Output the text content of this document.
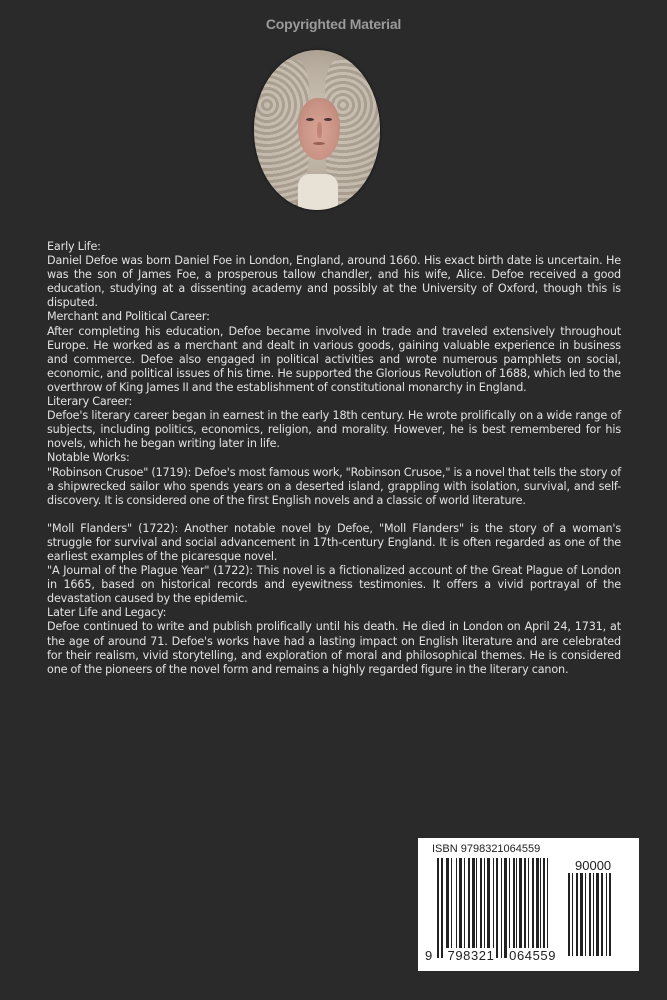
Copyrighted Material

Early Life:

Daniel Defoe was born Daniel Foe in London, England, around 1660. His exact birth date is uncertain. He was the son of James Foe, a prosperous tallow chandler, and his wife, Alice. Defoe received a good education, studying at a dissenting academy and possibly at the University of Oxford, though this is disputed.

Merchant and Political Career:

After completing his education, Defoe became involved in trade and traveled extensively throughout Europe. He worked as a merchant and dealt in various goods, gaining valuable experience in business and commerce. Defoe also engaged in political activities and wrote numerous pamphlets on social, economic, and political issues of his time. He supported the Glorious Revolution of 1688, which led to the overthrow of King James II and the establishment of constitutional monarchy in England.

Literary Career:

Defoe's literary career began in earnest in the early 18th century. He wrote prolifically on a wide range of subjects, including politics, economics, religion, and morality. However, he is best remembered for his novels, which he began writing later in life.

Notable Works:

"Robinson Crusoe" (1719): Defoe's most famous work, "Robinson Crusoe," is a novel that tells the story of a shipwrecked sailor who spends years on a deserted island, grappling with isolation, survival, and self-discovery. It is considered one of the first English novels and a classic of world literature.

"Moll Flanders" (1722): Another notable novel by Defoe, "Moll Flanders" is the story of a woman's struggle for survival and social advancement in 17th-century England. It is often regarded as one of the earliest examples of the picaresque novel.

"A Journal of the Plague Year" (1722): This novel is a fictionalized account of the Great Plague of London in 1665, based on historical records and eyewitness testimonies. It offers a vivid portrayal of the devastation caused by the epidemic.

Later Life and Legacy:

Defoe continued to write and publish prolifically until his death. He died in London on April 24, 1731, at the age of around 71. Defoe's works have had a lasting impact on English literature and are celebrated for their realism, vivid storytelling, and exploration of moral and philosophical themes. He is considered one of the pioneers of the novel form and remains a highly regarded figure in the literary canon.

ISBN 9798321064559
90000
9 798321 064559
